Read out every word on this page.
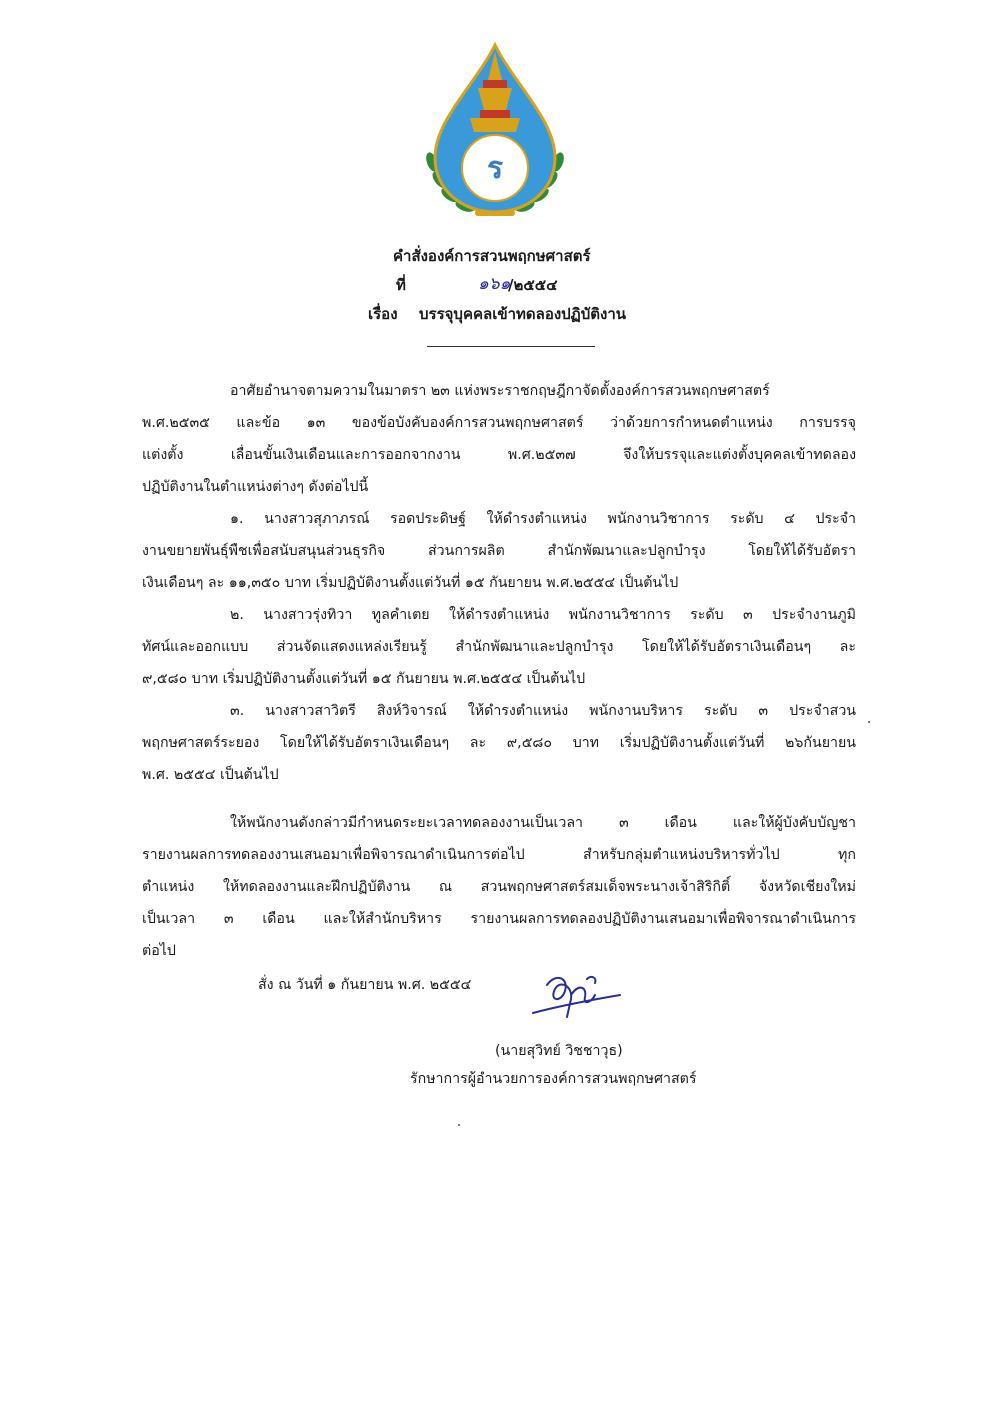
ร
คำสั่งองค์การสวนพฤกษศาสตร์
ที่	๑๖๑
/๒๕๕๔
เรื่อง บรรจุบุคคลเข้าทดลองปฏิบัติงาน
อาศัยอำนาจตามความในมาตรา ๒๓ แห่งพระราชกฤษฎีกาจัดตั้งองค์การสวนพฤกษศาสตร์
พ.ศ.๒๕๓๕ และข้อ ๑๓ ของข้อบังคับองค์การสวนพฤกษศาสตร์ ว่าด้วยการกำหนดตำแหน่ง การบรรจุ
แต่งตั้ง เลื่อนขั้นเงินเดือนและการออกจากงาน พ.ศ.๒๕๓๗ จึงให้บรรจุและแต่งตั้งบุคคลเข้าทดลอง
ปฏิบัติงานในตำแหน่งต่างๆ ดังต่อไปนี้
๑. นางสาวสุภาภรณ์ รอดประดิษฐ์ ให้ดำรงตำแหน่ง พนักงานวิชาการ ระดับ ๔ ประจำ
งานขยายพันธุ์พืชเพื่อสนับสนุนส่วนธุรกิจ ส่วนการผลิต สำนักพัฒนาและปลูกบำรุง โดยให้ได้รับอัตรา
เงินเดือนๆ ละ ๑๑,๓๕๐ บาท เริ่มปฏิบัติงานตั้งแต่วันที่ ๑๕ กันยายน พ.ศ.๒๕๕๔ เป็นต้นไป
๒. นางสาวรุ่งทิวา ทูลคำเตย ให้ดำรงตำแหน่ง พนักงานวิชาการ ระดับ ๓ ประจำงานภูมิ
ทัศน์และออกแบบ ส่วนจัดแสดงแหล่งเรียนรู้ สำนักพัฒนาและปลูกบำรุง โดยให้ได้รับอัตราเงินเดือนๆ ละ
๙,๕๘๐ บาท เริ่มปฏิบัติงานตั้งแต่วันที่ ๑๕ กันยายน พ.ศ.๒๕๕๔ เป็นต้นไป
๓. นางสาวสาวิตรี สิงห์วิจารณ์ ให้ดำรงตำแหน่ง พนักงานบริหาร ระดับ ๓ ประจำสวน
พฤกษศาสตร์ระยอง โดยให้ได้รับอัตราเงินเดือนๆ ละ ๙,๕๘๐ บาท เริ่มปฏิบัติงานตั้งแต่วันที่ ๒๖กันยายน
พ.ศ. ๒๕๕๔ เป็นต้นไป
ให้พนักงานดังกล่าวมีกำหนดระยะเวลาทดลองงานเป็นเวลา ๓ เดือน และให้ผู้บังคับบัญชา
รายงานผลการทดลองงานเสนอมาเพื่อพิจารณาดำเนินการต่อไป สำหรับกลุ่มตำแหน่งบริหารทั่วไป ทุก
ตำแหน่ง ให้ทดลองงานและฝึกปฏิบัติงาน ณ สวนพฤกษศาสตร์สมเด็จพระนางเจ้าสิริกิติ์ จังหวัดเชียงใหม่
เป็นเวลา ๓ เดือน และให้สำนักบริหาร รายงานผลการทดลองปฏิบัติงานเสนอมาเพื่อพิจารณาดำเนินการ
ต่อไป
สั่ง ณ วันที่ ๑ กันยายน พ.ศ. ๒๕๕๔
(นายสุวิทย์ วิชชาวุธ)
รักษาการผู้อำนวยการองค์การสวนพฤกษศาสตร์
